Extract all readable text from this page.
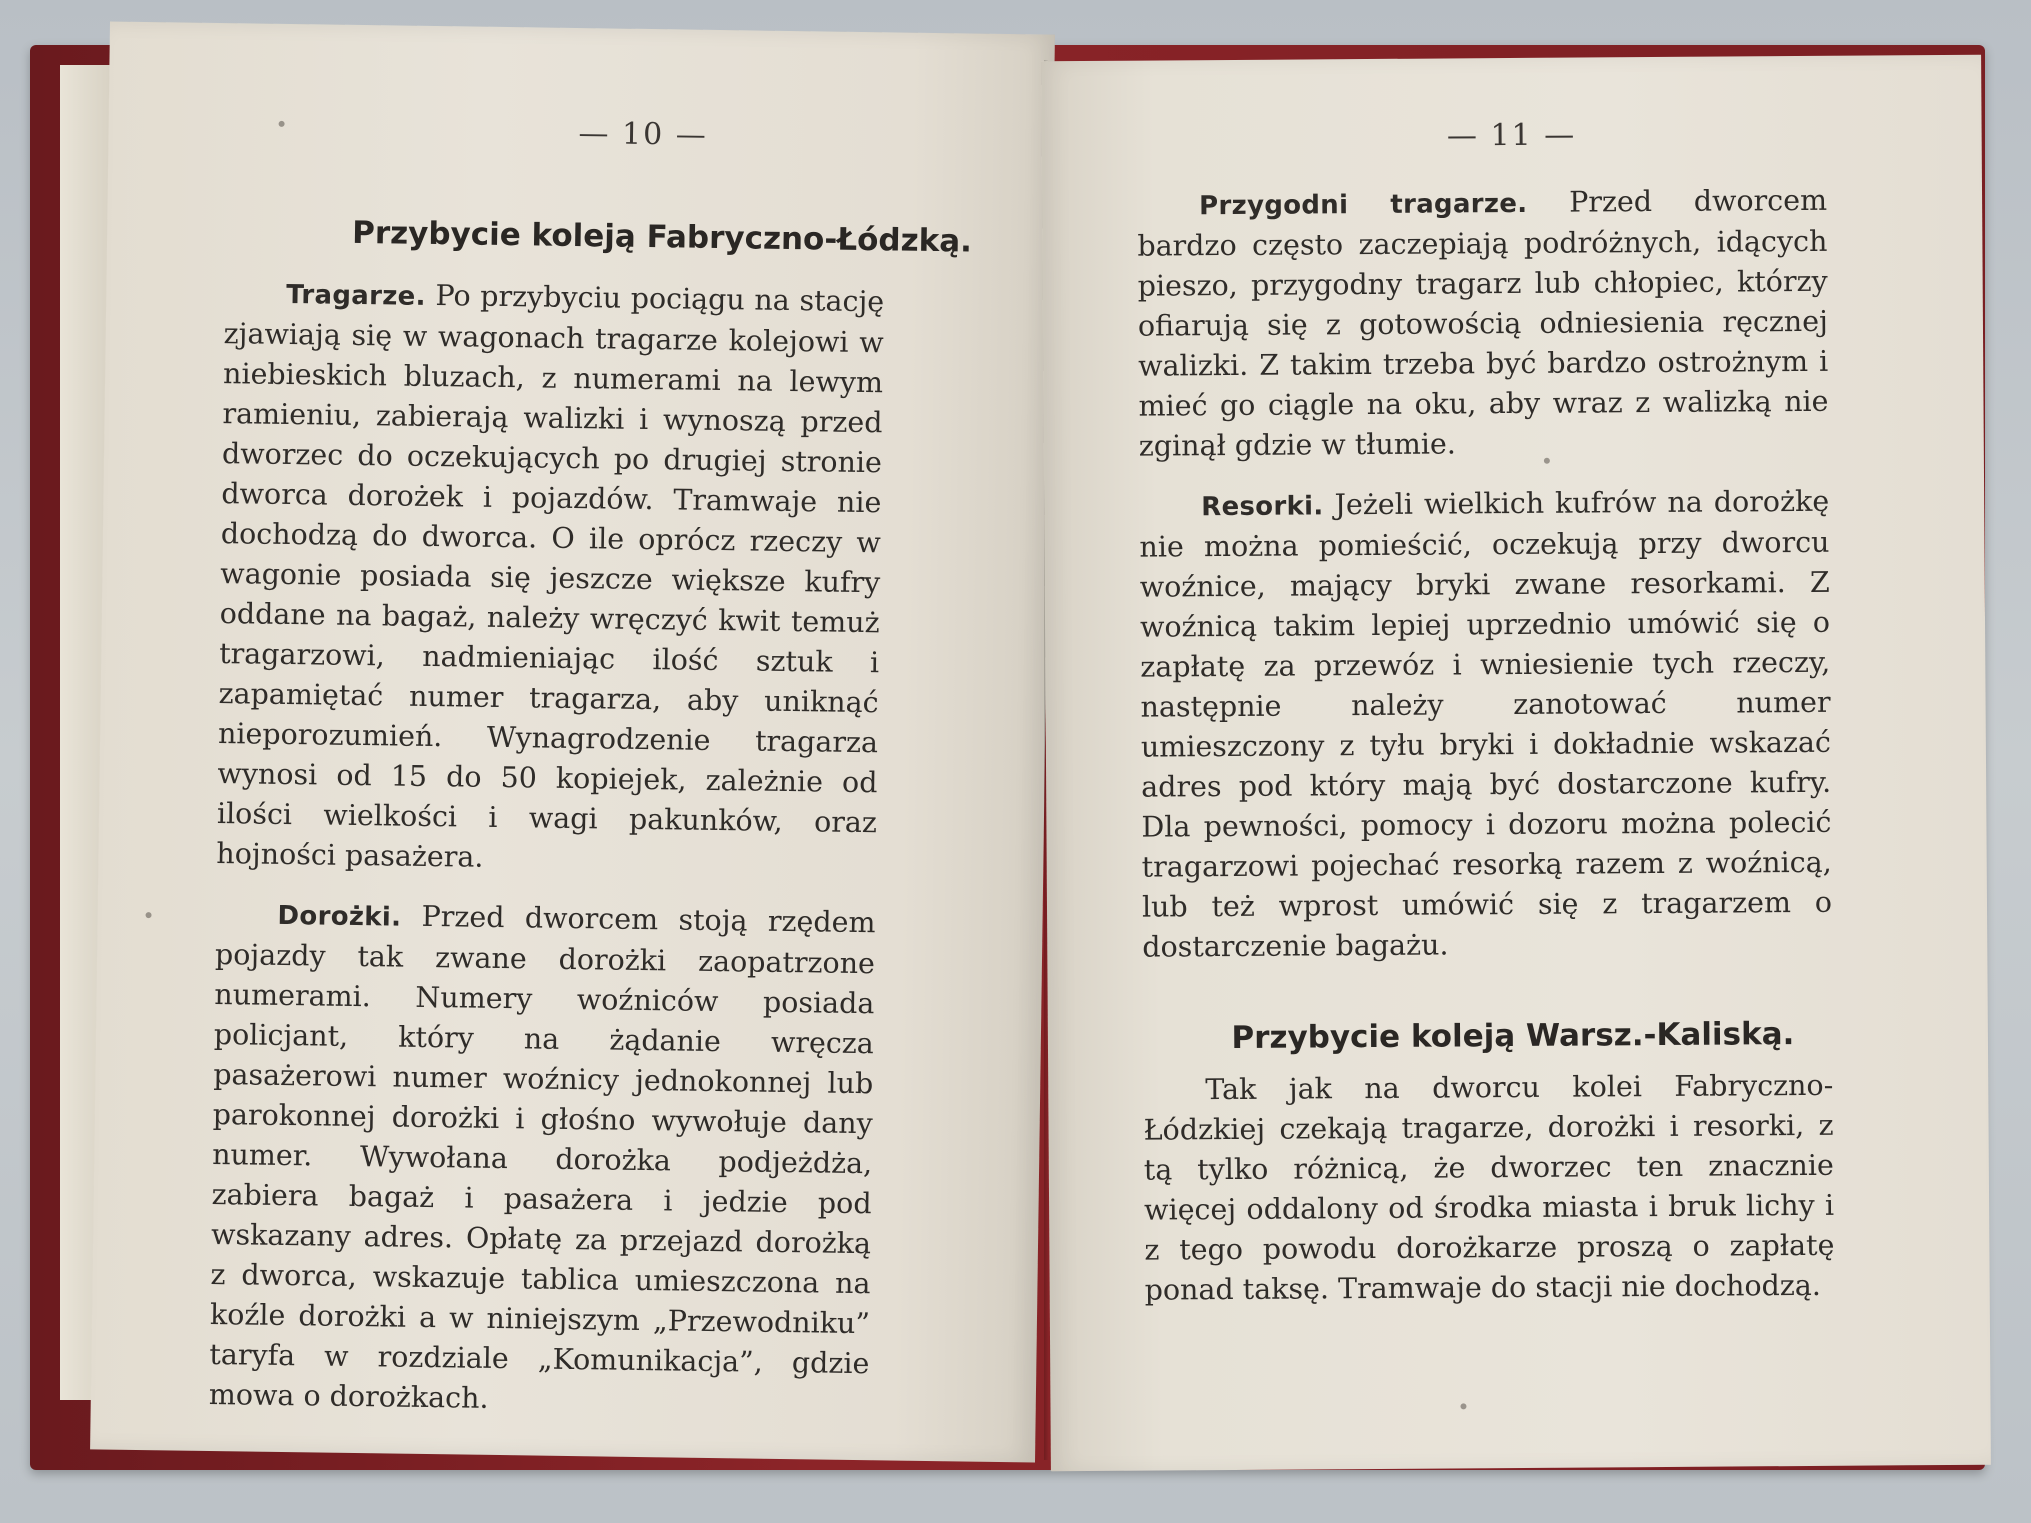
— 10 —
Przybycie koleją Fabryczno-Łódzką.

Tragarze. Po przybyciu pociągu na stację zjawiają się w wagonach tragarze kolejowi w niebieskich bluzach, z numerami na lewym ramieniu, zabierają walizki i wynoszą przed dworzec do oczekujących po drugiej stronie dworca dorożek i pojazdów. Tramwaje nie dochodzą do dworca. O ile oprócz rzeczy w wagonie posiada się jeszcze większe kufry oddane na bagaż, należy wręczyć kwit temuż tragarzowi, nadmieniając ilość sztuk i zapamiętać numer tragarza, aby uniknąć nieporozumień. Wynagrodzenie tragarza wynosi od 15 do 50 kopiejek, zależnie od ilości wielkości i wagi pakunków, oraz hojności pasażera.

Dorożki. Przed dworcem stoją rzędem pojazdy tak zwane dorożki zaopatrzone numerami. Numery woźniców posiada policjant, który na żądanie wręcza pasażerowi numer woźnicy jednokonnej lub parokonnej dorożki i głośno wywołuje dany numer. Wywołana dorożka podjeżdża, zabiera bagaż i pasażera i jedzie pod wskazany adres. Opłatę za przejazd dorożką z dworca, wskazuje tablica umieszczona na koźle dorożki a w niniejszym „Przewodniku” taryfa w rozdziale „Komunikacja”, gdzie mowa o dorożkach.

— 11 —

Przygodni tragarze. Przed dworcem bardzo często zaczepiają podróżnych, idących pieszo, przygodny tragarz lub chłopiec, którzy ofiarują się z gotowością odniesienia ręcznej walizki. Z takim trzeba być bardzo ostrożnym i mieć go ciągle na oku, aby wraz z walizką nie zginął gdzie w tłumie.

Resorki. Jeżeli wielkich kufrów na dorożkę nie można pomieścić, oczekują przy dworcu woźnice, mający bryki zwane resorkami. Z woźnicą takim lepiej uprzednio umówić się o zapłatę za przewóz i wniesienie tych rzeczy, następnie należy zanotować numer umieszczony z tyłu bryki i dokładnie wskazać adres pod który mają być dostarczone kufry. Dla pewności, pomocy i dozoru można polecić tragarzowi pojechać resorką razem z woźnicą, lub też wprost umówić się z tragarzem o dostarczenie bagażu.

Przybycie koleją Warsz.-Kaliską.

Tak jak na dworcu kolei Fabryczno-Łódzkiej czekają tragarze, dorożki i resorki, z tą tylko różnicą, że dworzec ten znacznie więcej oddalony od środka miasta i bruk lichy i z tego powodu dorożkarze proszą o zapłatę ponad taksę. Tramwaje do stacji nie dochodzą.
